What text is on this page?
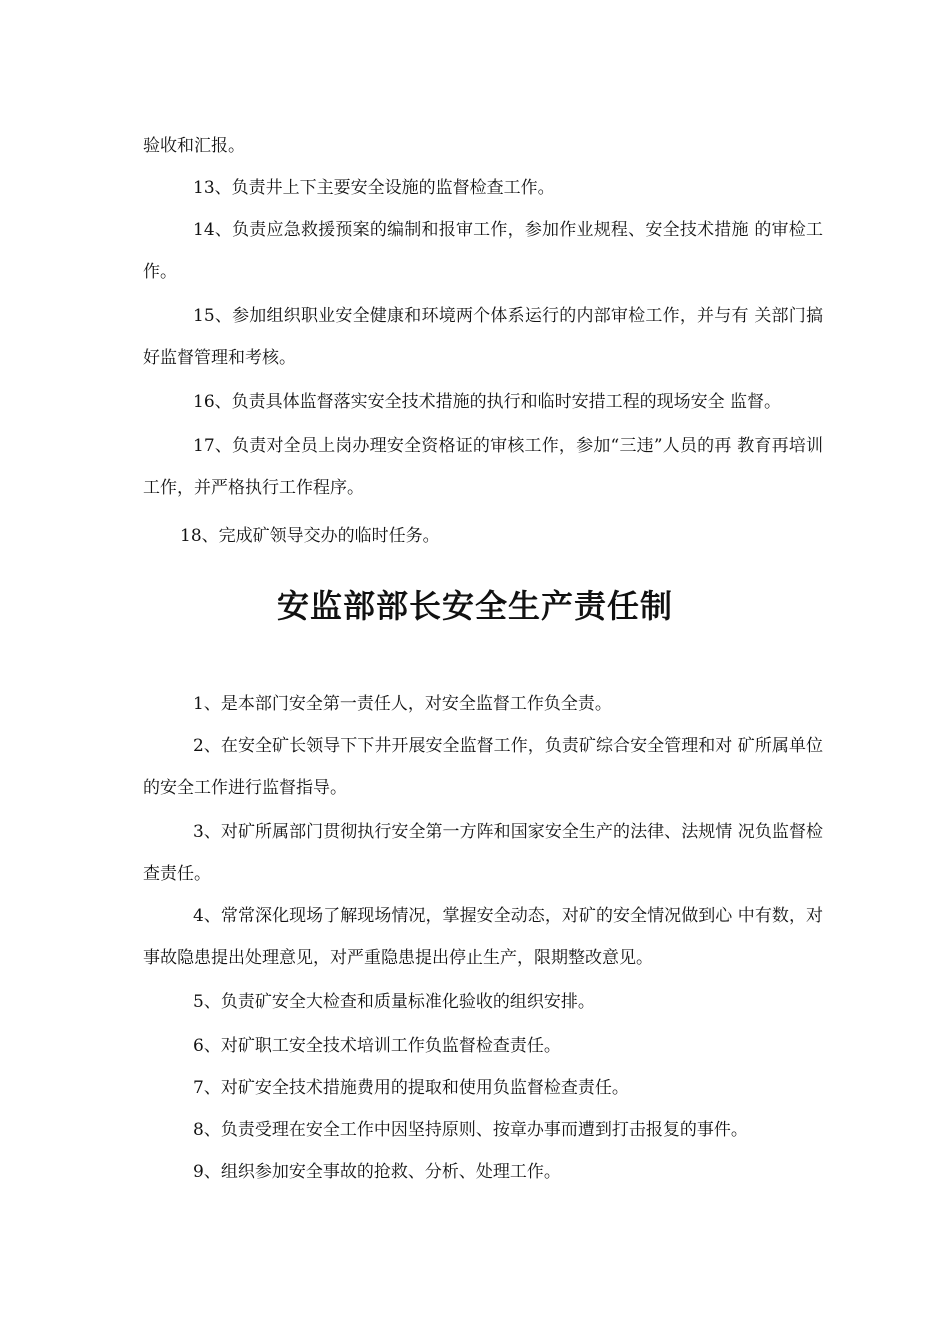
验收和汇报。

13、负责井上下主要安全设施的监督检查工作。

14、负责应急救援预案的编制和报审工作，参加作业规程、安全技术措施 的审检工作。

15、参加组织职业安全健康和环境两个体系运行的内部审检工作，并与有 关部门搞好监督管理和考核。

16、负责具体监督落实安全技术措施的执行和临时安措工程的现场安全 监督。

17、负责对全员上岗办理安全资格证的审核工作，参加“三违”人员的再 教育再培训工作，并严格执行工作程序。

18、完成矿领导交办的临时任务。

安监部部长安全生产责任制

1、是本部门安全第一责任人，对安全监督工作负全责。

2、在安全矿长领导下下井开展安全监督工作，负责矿综合安全管理和对 矿所属单位的安全工作进行监督指导。

3、对矿所属部门贯彻执行安全第一方阵和国家安全生产的法律、法规情 况负监督检查责任。

4、常常深化现场了解现场情况，掌握安全动态，对矿的安全情况做到心 中有数，对事故隐患提出处理意见，对严重隐患提出停止生产，限期整改意见。

5、负责矿安全大检查和质量标准化验收的组织安排。

6、对矿职工安全技术培训工作负监督检查责任。

7、对矿安全技术措施费用的提取和使用负监督检查责任。

8、负责受理在安全工作中因坚持原则、按章办事而遭到打击报复的事件。

9、组织参加安全事故的抢救、分析、处理工作。
